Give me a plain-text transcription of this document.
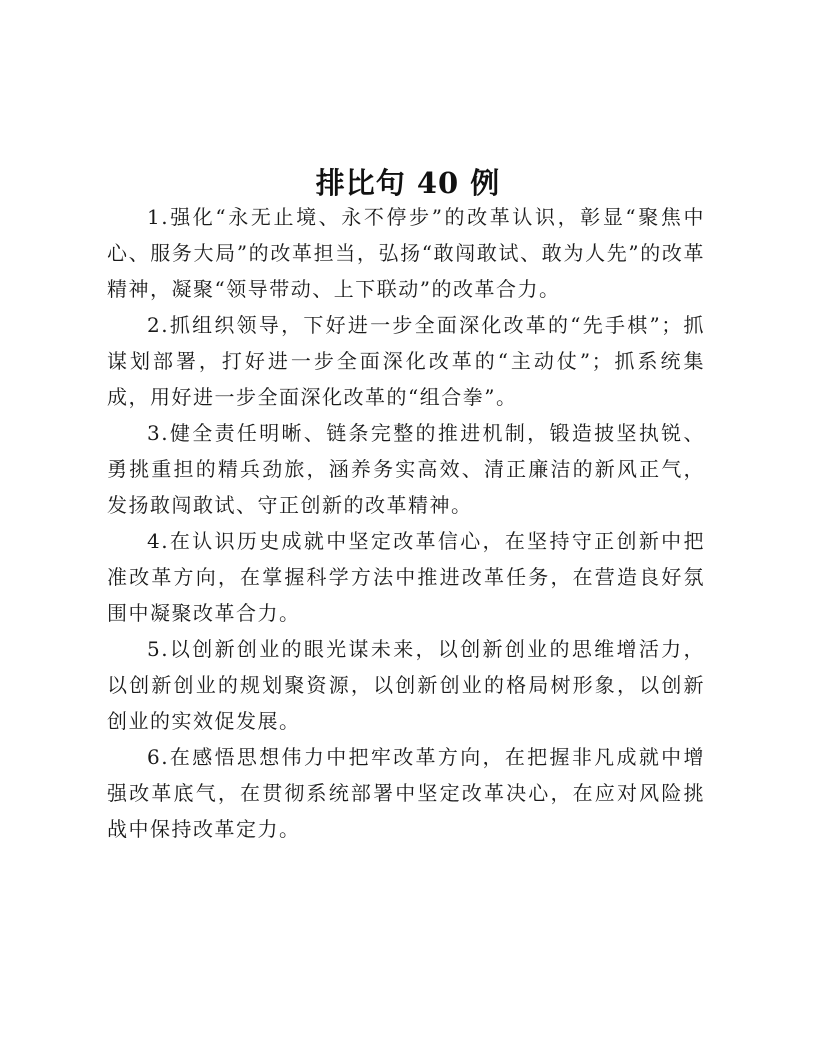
排比句 40 例

1.强化“永无止境、永不停步”的改革认识，彰显“聚焦中心、服务大局”的改革担当，弘扬“敢闯敢试、敢为人先”的改革精神，凝聚“领导带动、上下联动”的改革合力。

2.抓组织领导，下好进一步全面深化改革的“先手棋”；抓谋划部署，打好进一步全面深化改革的“主动仗”；抓系统集成，用好进一步全面深化改革的“组合拳”。

3.健全责任明晰、链条完整的推进机制，锻造披坚执锐、勇挑重担的精兵劲旅，涵养务实高效、清正廉洁的新风正气，发扬敢闯敢试、守正创新的改革精神。

4.在认识历史成就中坚定改革信心，在坚持守正创新中把准改革方向，在掌握科学方法中推进改革任务，在营造良好氛围中凝聚改革合力。

5.以创新创业的眼光谋未来，以创新创业的思维增活力，以创新创业的规划聚资源，以创新创业的格局树形象，以创新创业的实效促发展。

6.在感悟思想伟力中把牢改革方向，在把握非凡成就中增强改革底气，在贯彻系统部署中坚定改革决心，在应对风险挑战中保持改革定力。
